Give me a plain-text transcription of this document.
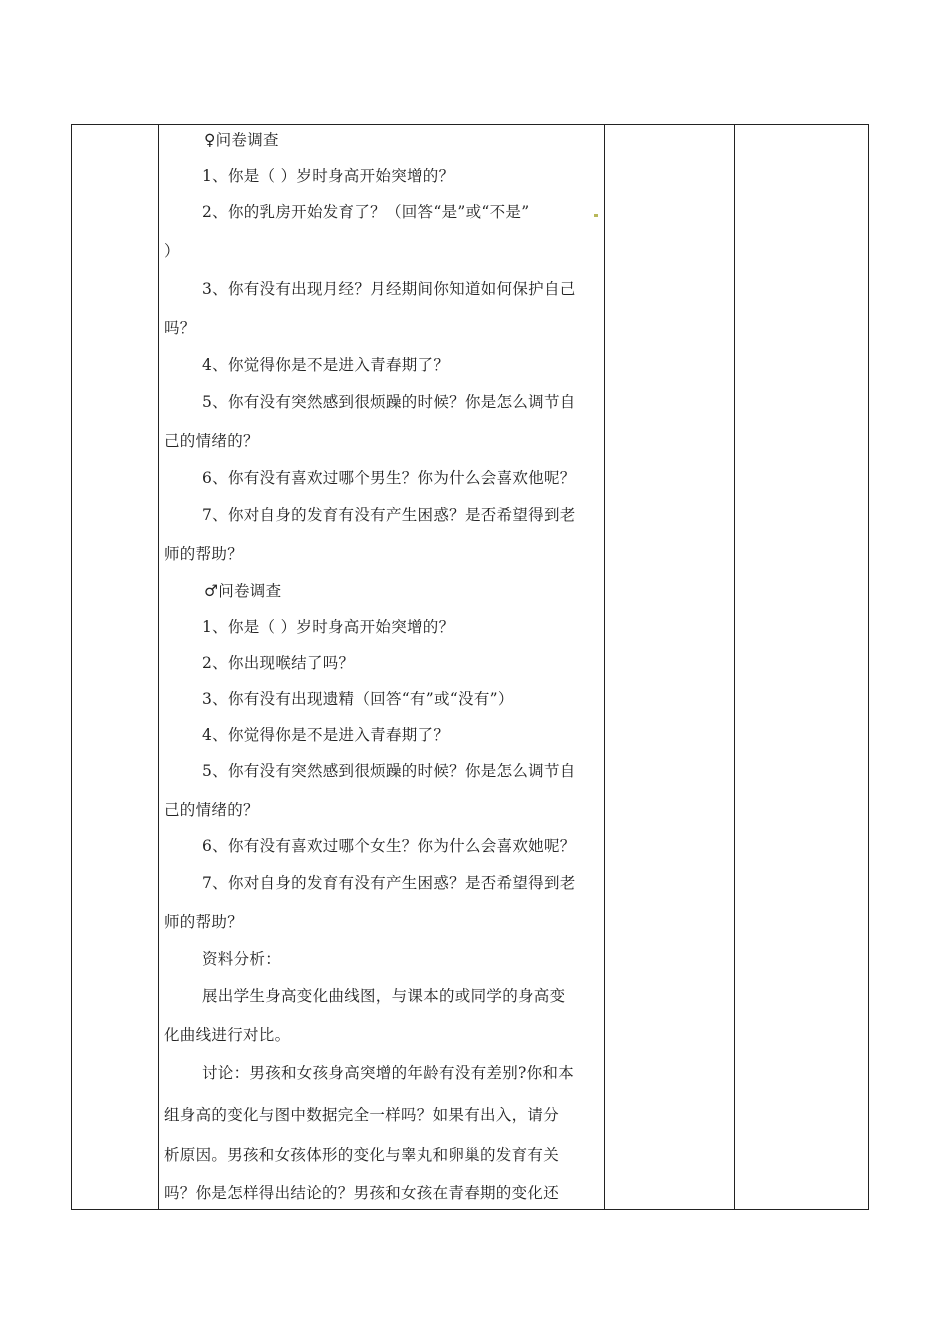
♀问卷调查
1、你是（ ）岁时身高开始突增的？
2、你的乳房开始发育了？（回答“是”或“不是”
）
3、你有没有出现月经？月经期间你知道如何保护自己
吗？
4、你觉得你是不是进入青春期了？
5、你有没有突然感到很烦躁的时候？你是怎么调节自
己的情绪的？
6、你有没有喜欢过哪个男生？你为什么会喜欢他呢？
7、你对自身的发育有没有产生困惑？是否希望得到老
师的帮助？
♂问卷调查
1、你是（ ）岁时身高开始突增的？
2、你出现喉结了吗？
3、你有没有出现遗精（回答“有”或“没有”）
4、你觉得你是不是进入青春期了？
5、你有没有突然感到很烦躁的时候？你是怎么调节自
己的情绪的？
6、你有没有喜欢过哪个女生？你为什么会喜欢她呢？
7、你对自身的发育有没有产生困惑？是否希望得到老
师的帮助？
资料分析：
展出学生身高变化曲线图，与课本的或同学的身高变
化曲线进行对比。
讨论：男孩和女孩身高突增的年龄有没有差别?你和本
组身高的变化与图中数据完全一样吗？如果有出入，请分
析原因。男孩和女孩体形的变化与睾丸和卵巢的发育有关
吗？你是怎样得出结论的？男孩和女孩在青春期的变化还
